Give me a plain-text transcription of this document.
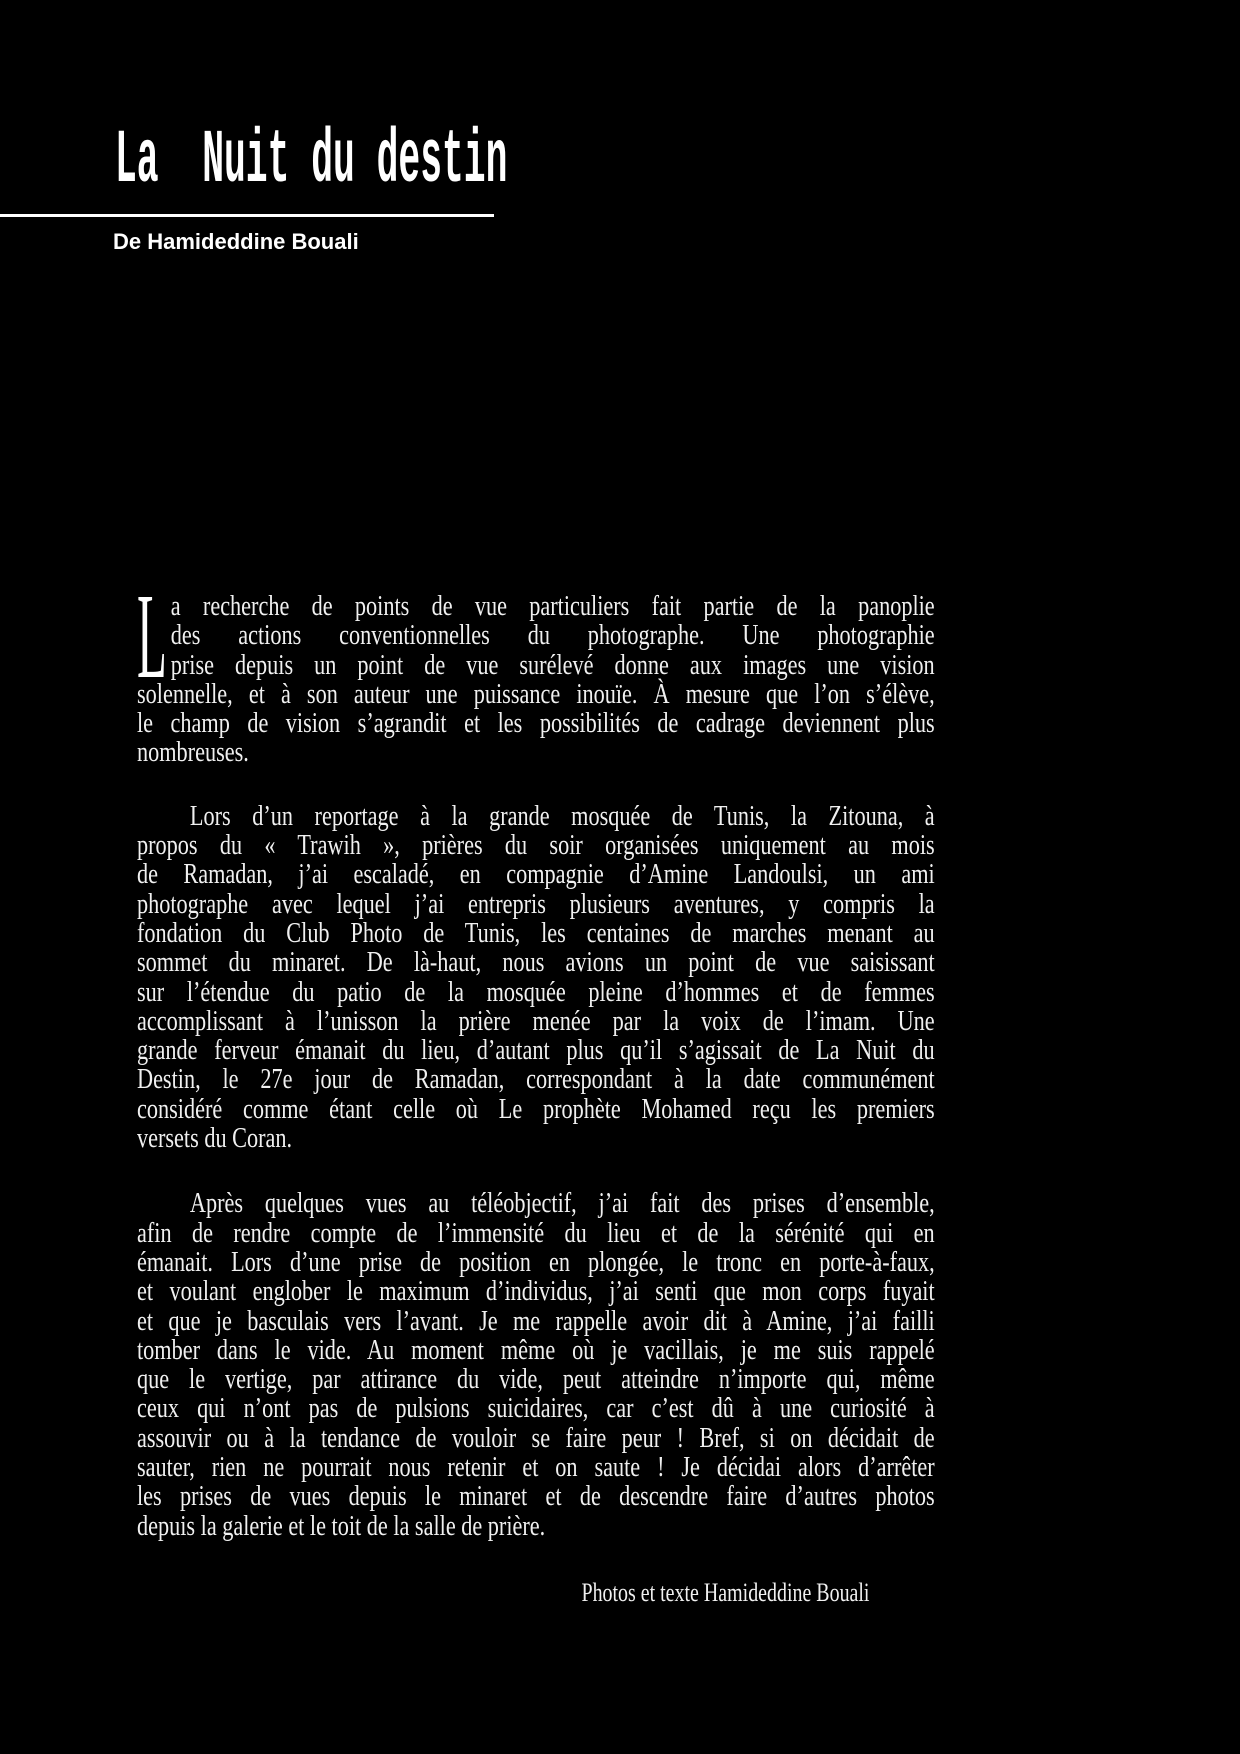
La  Nuit du destin
De Hamideddine Bouali
L a recherche de points de vue particuliers fait partie de la panoplie
des actions conventionnelles du photographe. Une photographie
prise depuis un point de vue surélevé donne aux images une vision
solennelle, et à son auteur une puissance inouïe. À mesure que l’on s’élève,
le champ de vision s’agrandit et les possibilités de cadrage deviennent plus
nombreuses.
Lors d’un reportage à la grande mosquée de Tunis, la Zitouna, à
propos du « Trawih », prières du soir organisées uniquement au mois
de Ramadan, j’ai escaladé, en compagnie d’Amine Landoulsi, un ami
photographe avec lequel j’ai entrepris plusieurs aventures, y compris la
fondation du Club Photo de Tunis, les centaines de marches menant au
sommet du minaret. De là-haut, nous avions un point de vue saisissant
sur l’étendue du patio de la mosquée pleine d’hommes et de femmes
accomplissant à l’unisson la prière menée par la voix de l’imam. Une
grande ferveur émanait du lieu, d’autant plus qu’il s’agissait de La Nuit du
Destin, le 27e jour de Ramadan, correspondant à la date communément
considéré comme étant celle où Le prophète Mohamed reçu les premiers
versets du Coran.
Après quelques vues au téléobjectif, j’ai fait des prises d’ensemble,
afin de rendre compte de l’immensité du lieu et de la sérénité qui en
émanait. Lors d’une prise de position en plongée, le tronc en porte-à-faux,
et voulant englober le maximum d’individus, j’ai senti que mon corps fuyait
et que je basculais vers l’avant. Je me rappelle avoir dit à Amine, j’ai failli
tomber dans le vide. Au moment même où je vacillais, je me suis rappelé
que le vertige, par attirance du vide, peut atteindre n’importe qui, même
ceux qui n’ont pas de pulsions suicidaires, car c’est dû à une curiosité à
assouvir ou à la tendance de vouloir se faire peur ! Bref, si on décidait de
sauter, rien ne pourrait nous retenir et on saute ! Je décidai alors d’arrêter
les prises de vues depuis le minaret et de descendre faire d’autres photos
depuis la galerie et le toit de la salle de prière.
Photos et texte Hamideddine Bouali
